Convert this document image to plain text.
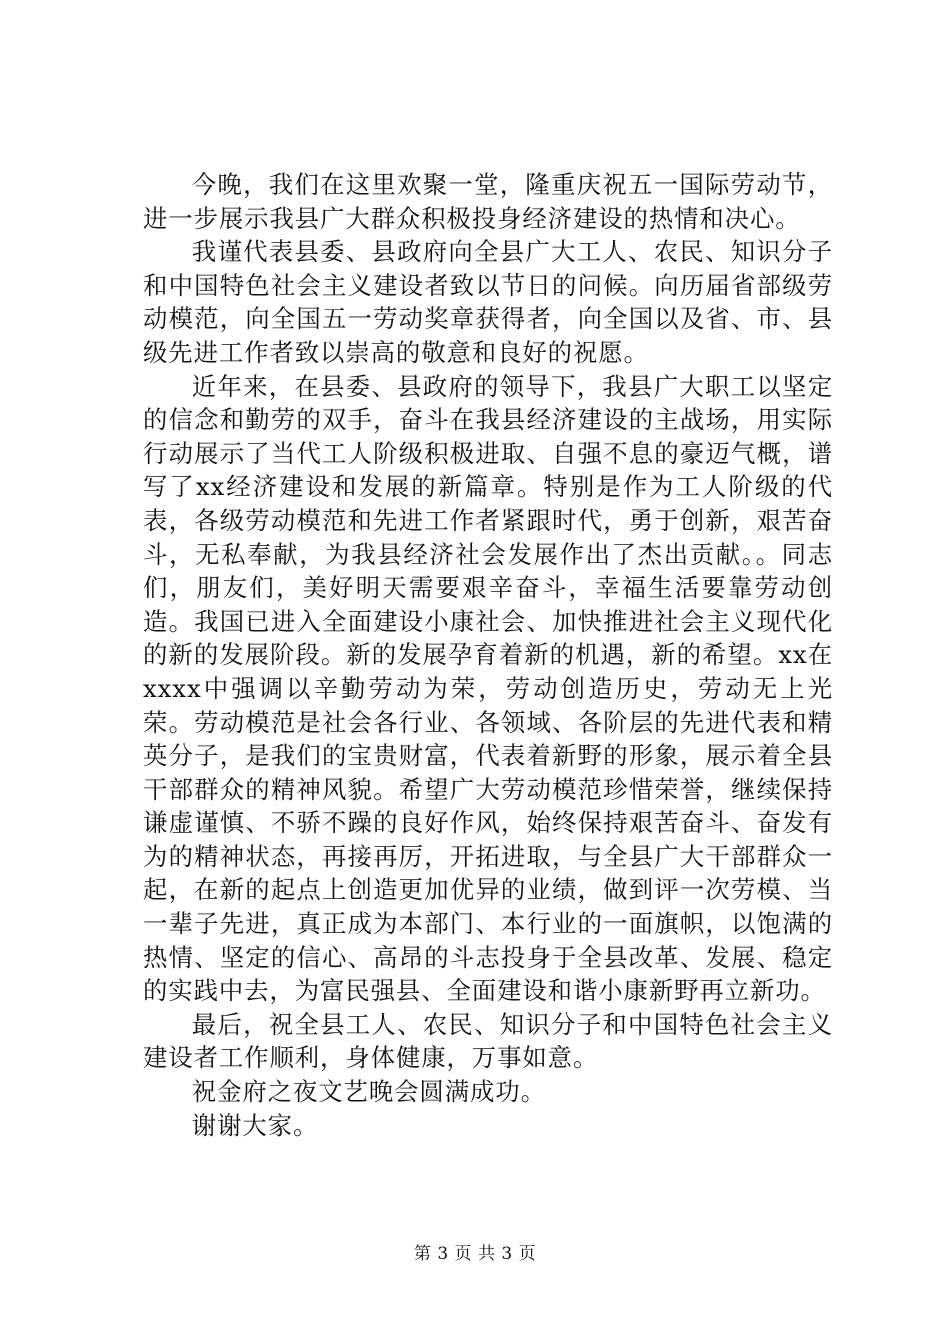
今晚，我们在这里欢聚一堂，隆重庆祝五一国际劳动节，进一步展示我县广大群众积极投身经济建设的热情和决心。

我谨代表县委、县政府向全县广大工人、农民、知识分子和中国特色社会主义建设者致以节日的问候。向历届省部级劳动模范，向全国五一劳动奖章获得者，向全国以及省、市、县级先进工作者致以崇高的敬意和良好的祝愿。

近年来，在县委、县政府的领导下，我县广大职工以坚定的信念和勤劳的双手，奋斗在我县经济建设的主战场，用实际行动展示了当代工人阶级积极进取、自强不息的豪迈气概，谱写了xx经济建设和发展的新篇章。特别是作为工人阶级的代表，各级劳动模范和先进工作者紧跟时代，勇于创新，艰苦奋斗，无私奉献，为我县经济社会发展作出了杰出贡献。。同志们，朋友们，美好明天需要艰辛奋斗，幸福生活要靠劳动创造。我国已进入全面建设小康社会、加快推进社会主义现代化的新的发展阶段。新的发展孕育着新的机遇，新的希望。xx在xxxx中强调以辛勤劳动为荣，劳动创造历史，劳动无上光荣。劳动模范是社会各行业、各领域、各阶层的先进代表和精英分子，是我们的宝贵财富，代表着新野的形象，展示着全县干部群众的精神风貌。希望广大劳动模范珍惜荣誉，继续保持谦虚谨慎、不骄不躁的良好作风，始终保持艰苦奋斗、奋发有为的精神状态，再接再厉，开拓进取，与全县广大干部群众一起，在新的起点上创造更加优异的业绩，做到评一次劳模、当一辈子先进，真正成为本部门、本行业的一面旗帜，以饱满的热情、坚定的信心、高昂的斗志投身于全县改革、发展、稳定的实践中去，为富民强县、全面建设和谐小康新野再立新功。

最后，祝全县工人、农民、知识分子和中国特色社会主义建设者工作顺利，身体健康，万事如意。

祝金府之夜文艺晚会圆满成功。

谢谢大家。

第 3 页 共 3 页
